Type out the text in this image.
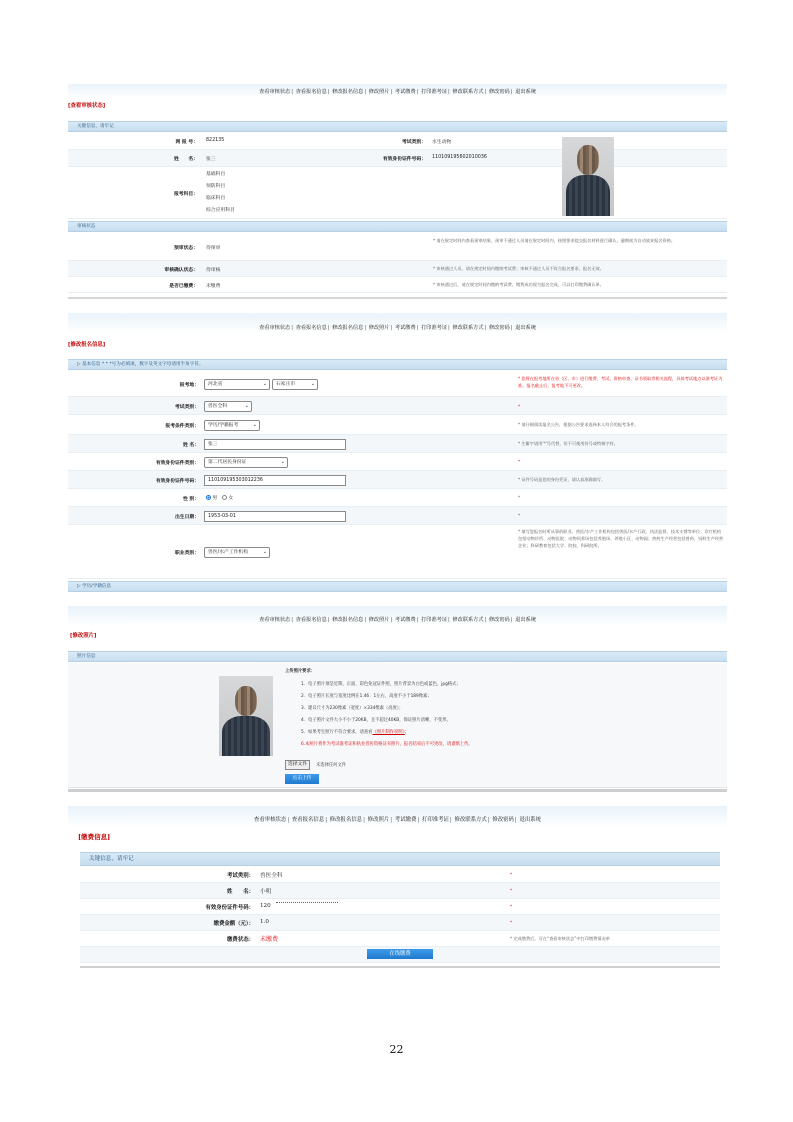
查看审核状态| 查看报名信息| 修改报名信息| 修改照片| 考试缴费| 打印准考证| 修改联系方式| 修改密码| 退出系统
[查看审核状态]
关键信息，请牢记
网 报 号： 822135	考试类别： 水生动物
姓　　名： 张三	有效身份证件号码： 110109195602010036
报考科目：
基础科目
预防科目
临床科目
综合应用科目
审核状态
预审状态： 待预审
* 请在规定时间内查看预审结果，预审不通过人员请在规定时间内，按照要求提交报名材料进行确认，逾期视为自动放弃报名资格。
审核确认状态： 待审核	* 审核通过人员，请在规定时间内缴纳考试费；审核不通过人员不符合报名要求，报名无效。
是否已缴费： 未缴费	* 审核通过后，请在规定时间内缴纳考试费，缴费成功视为报名完成，可以打印缴费确认单。
查看审核状态| 查看报名信息| 修改报名信息| 修改照片| 考试缴费| 打印准考证| 修改联系方式| 修改密码| 退出系统
[修改报名信息]
▷ 基本信息 * * *号为必填项，数字及英文字母请用半角字符。
报考地：	河北省	⌄	石家庄市	⌄
* 您将在报考地所在省（区、市）进行缴费、考试、资格审查、证书领取等相关流程，具体考试地点以准考证为准。报名截止后，报考地不可更改。
考试类别：	兽医全科	⌄	*
报考条件类别：	学历/学籍报考	⌄	* 请仔细阅读报名公告，根据公告要求选择本人符合的报考条件。
姓 名：	张三	* 生僻字请用'*'号代替，但不可使用符号或特殊字符。
有效身份证件类别：	第二代居民身份证	⌄	*
有效身份证件号码：	110109195303012236	* 证件号码是您的身份凭证，请认真准确填写。
性 别：	男 女	*
出生日期：	1953-03-01	*
职业类别：	兽医/水产工作机构	⌄
* 填写您报名时所从事的职业。兽医/水产工作机构包括兽医/水产行政、执法监督、技术支撑等单位；诊疗机构包括动物诊所、动物医院；动物饲养场包括养殖场、养殖小区、动物园；兽药生产经营包括兽药、饲料生产经营企业；科研教育包括大学、院校、科研院所。
▷ 学历/学籍信息
查看审核状态| 查看报名信息| 修改报名信息| 修改照片| 考试缴费| 打印准考证| 修改联系方式| 修改密码| 退出系统
[修改照片]
照片信息
上传照片要求：
1．电子照片须是近期、正面、彩色免冠证件照，照片背景为白色或蓝色，jpg格式；
2．电子照片长度与宽度比例在1.46：1左右，高度不小于189像素；
3．建议尺寸为230像素（宽度）×334像素（高度）；
4．电子照片文件大小不小于20KB，且不超过40KB，保证照片清晰，不变形。
5．如果考生照片不符合要求，请查看《照片制作说明》；
6.本照片将作为考试准考证和执业兽医资格证书照片，报名结束后不可更改，请谨慎上传。
选择文件	未选择任何文件
点击上传
查看审核状态| 查看报名信息| 修改报名信息| 修改照片| 考试缴费| 打印准考证| 修改联系方式| 修改密码| 退出系统
[缴费信息]
关键信息，请牢记
考试类别： 兽医全科	*
姓　　名： 小明	*
有效身份证件号码： 120	*
缴费金额（元）： 1.0	*
缴费状态： 未缴费	* 完成缴费后，可在“查看审核状态”中打印缴费情况单
在线缴费
22
